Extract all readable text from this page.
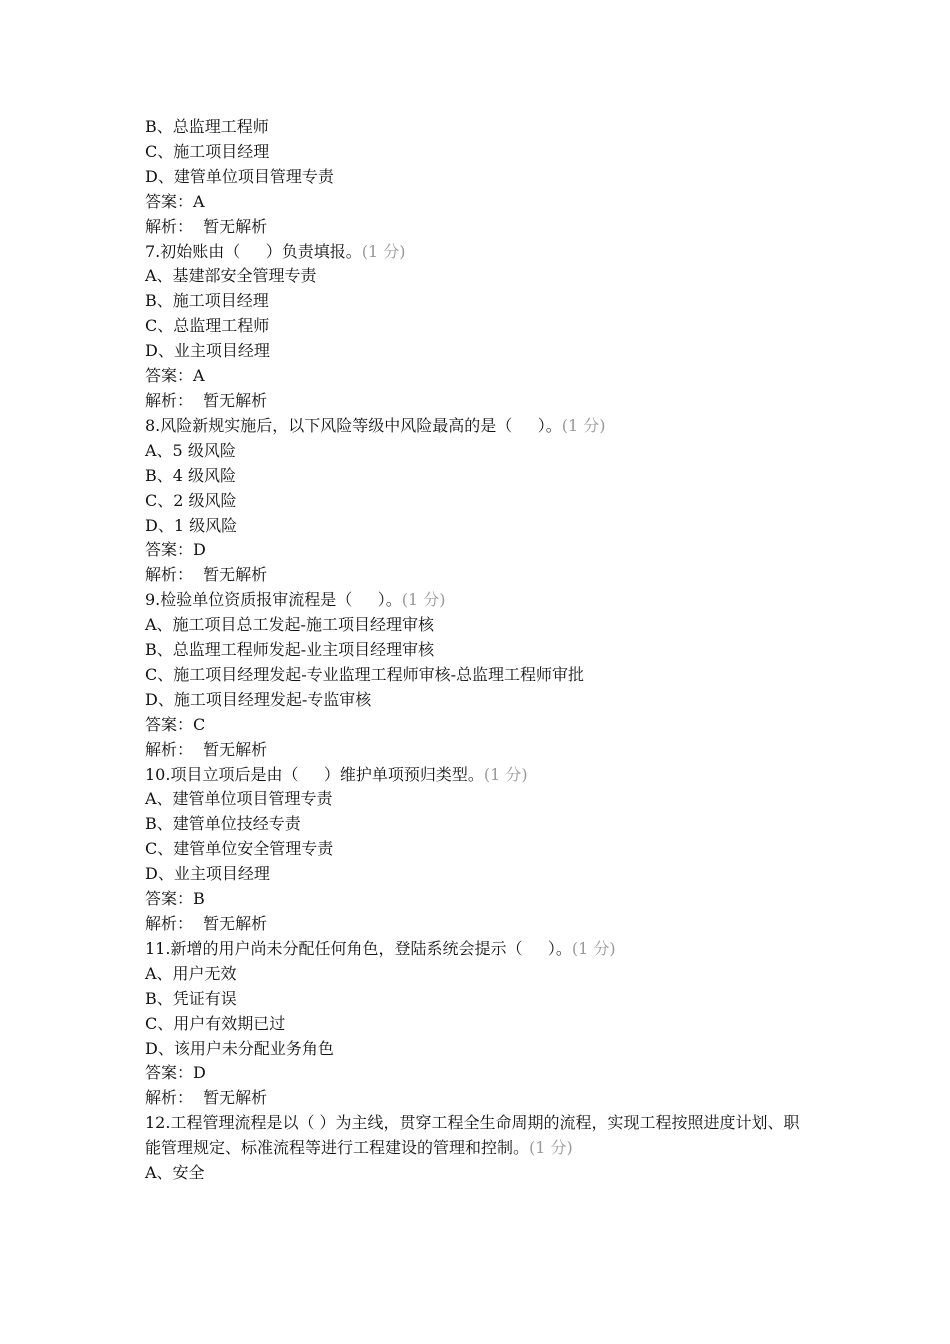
B、总监理工程师

C、施工项目经理

D、建管单位项目管理专责

答案：A

解析：  暂无解析

7.初始账由（     ）负责填报。(1 分)

A、基建部安全管理专责

B、施工项目经理

C、总监理工程师

D、业主项目经理

答案：A

解析：  暂无解析

8.风险新规实施后，以下风险等级中风险最高的是（     ）。(1 分)

A、5 级风险

B、4 级风险

C、2 级风险

D、1 级风险

答案：D

解析：  暂无解析

9.检验单位资质报审流程是（     ）。(1 分)

A、施工项目总工发起-施工项目经理审核

B、总监理工程师发起-业主项目经理审核

C、施工项目经理发起-专业监理工程师审核-总监理工程师审批

D、施工项目经理发起-专监审核

答案：C

解析：  暂无解析

10.项目立项后是由（     ）维护单项预归类型。(1 分)

A、建管单位项目管理专责

B、建管单位技经专责

C、建管单位安全管理专责

D、业主项目经理

答案：B

解析：  暂无解析

11.新增的用户尚未分配任何角色，登陆系统会提示（     ）。(1 分)

A、用户无效

B、凭证有误

C、用户有效期已过

D、该用户未分配业务角色

答案：D

解析：  暂无解析

12.工程管理流程是以（ ）为主线，贯穿工程全生命周期的流程，实现工程按照进度计划、职能管理规定、标准流程等进行工程建设的管理和控制。(1 分)

A、安全
